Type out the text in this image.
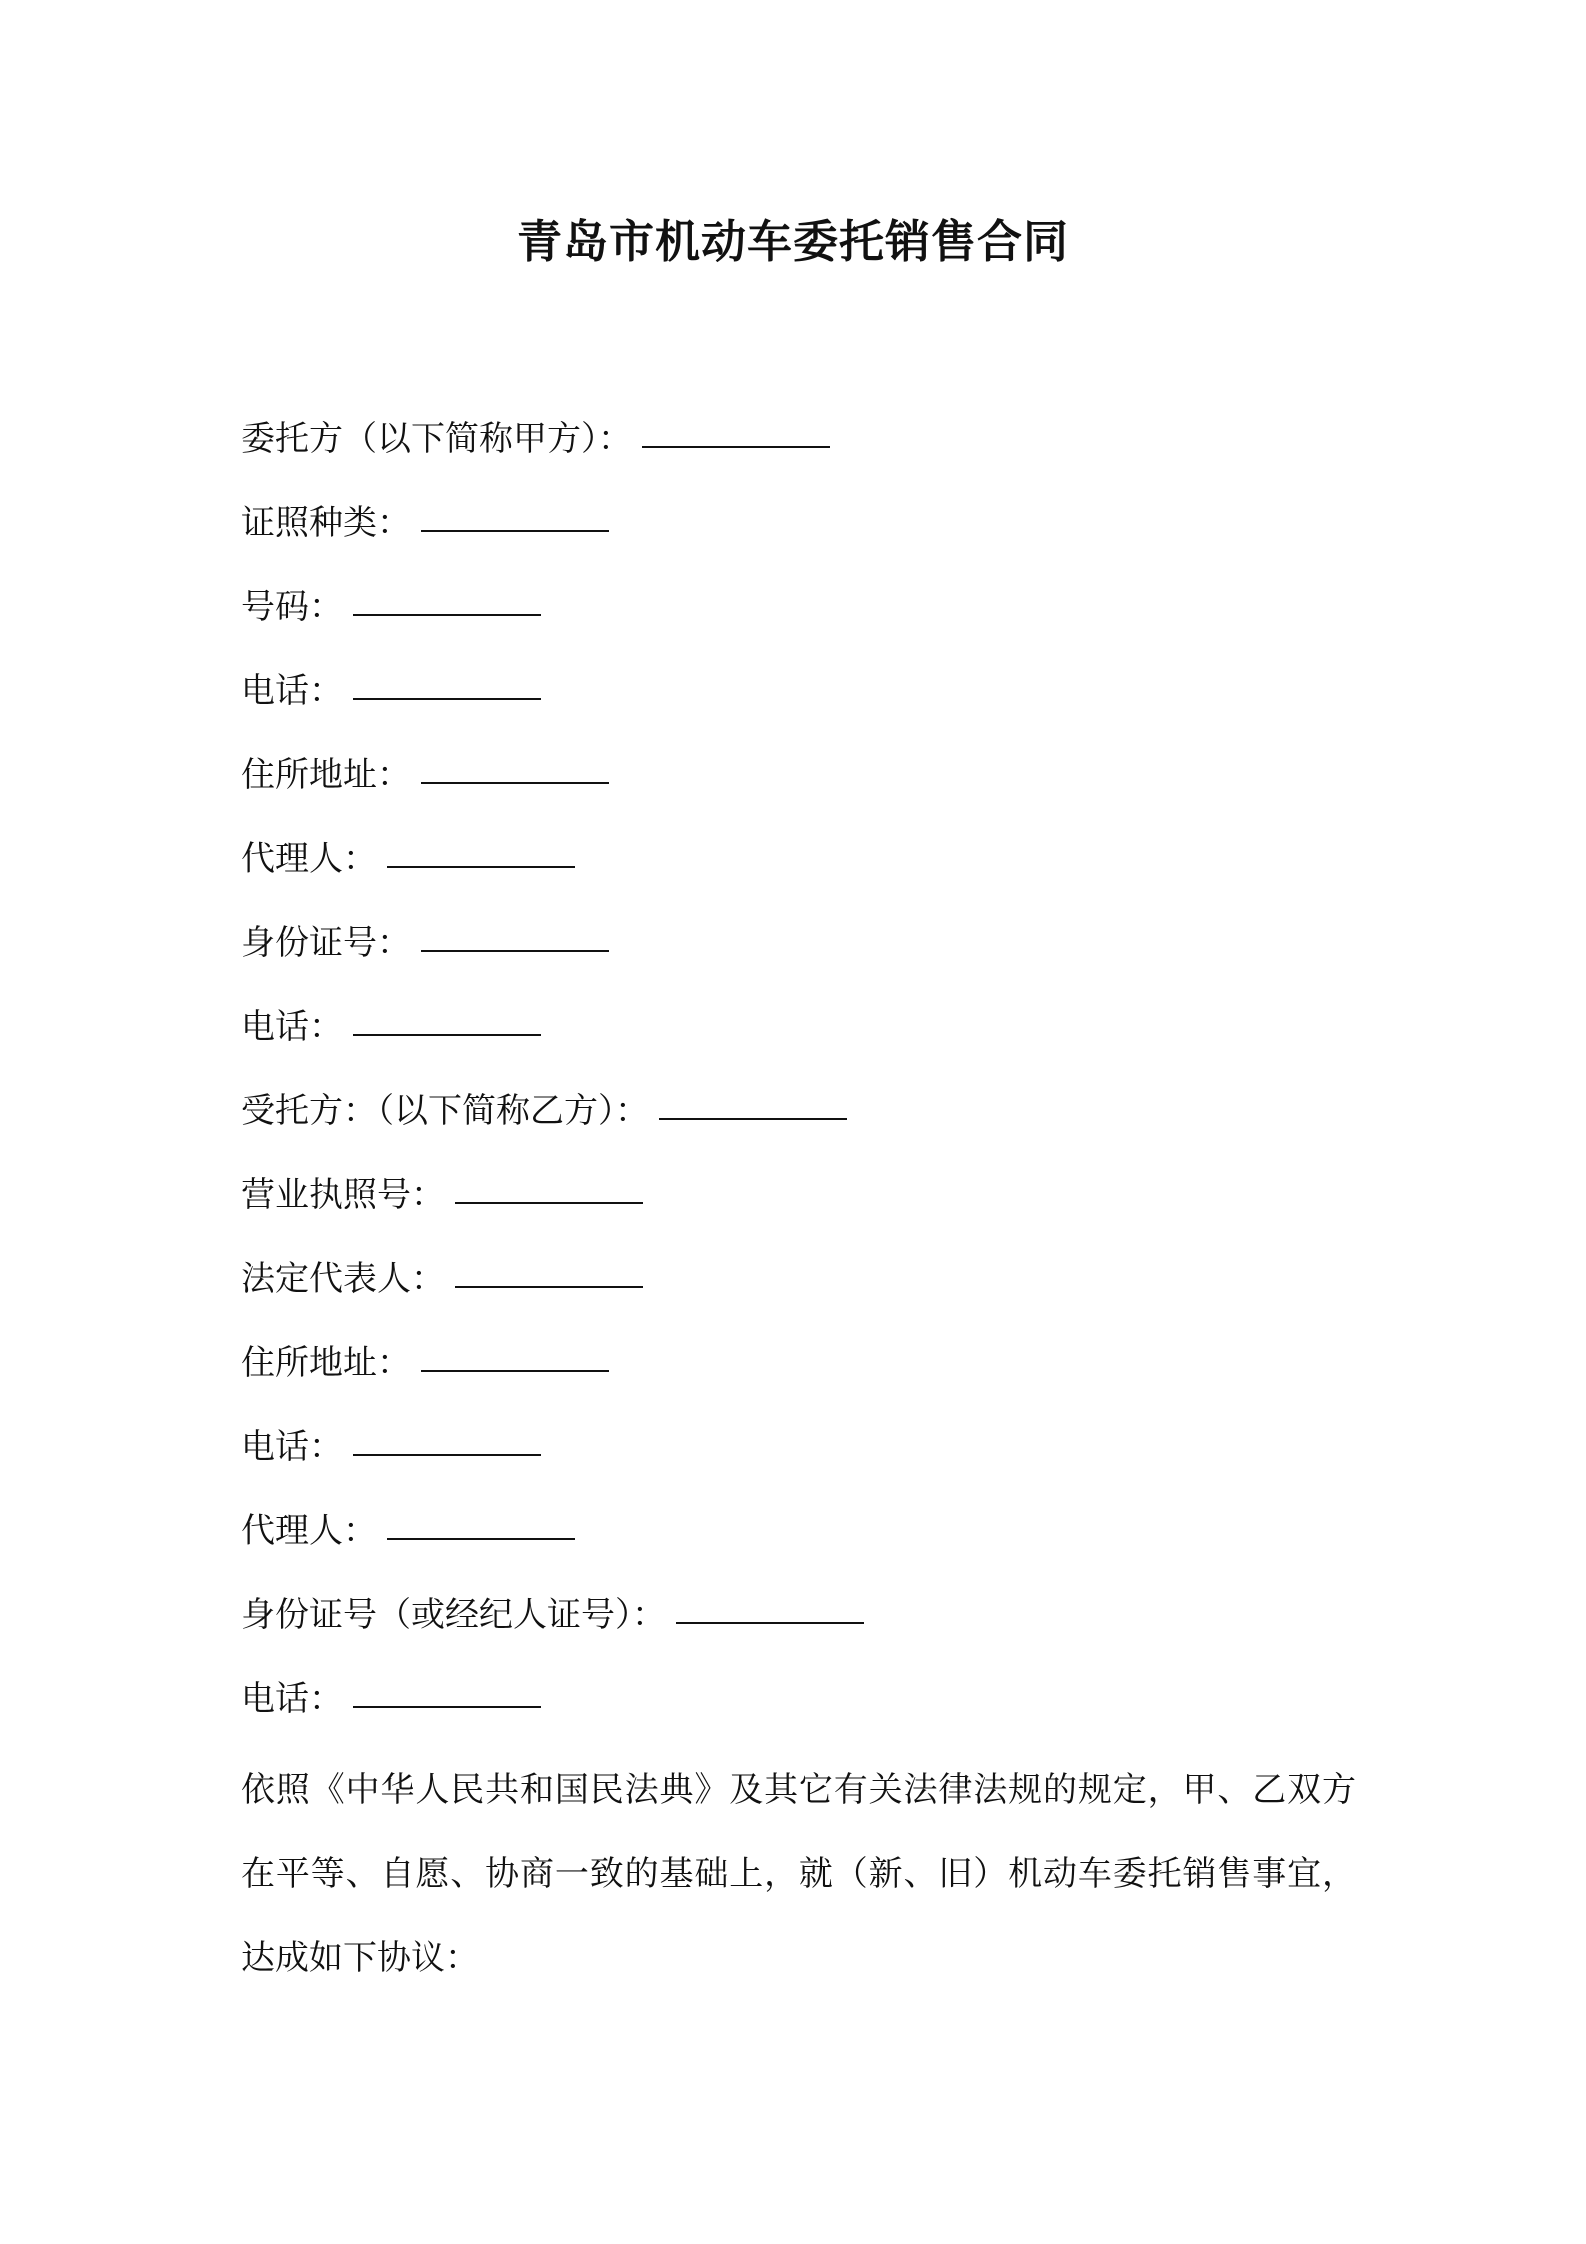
青岛市机动车委托销售合同
委托方（以下简称甲方）：
证照种类：
号码：
电话：
住所地址：
代理人：
身份证号：
电话：
受托方：（以下简称乙方）：
营业执照号：
法定代表人：
住所地址：
电话：
代理人：
身份证号（或经纪人证号）：
电话：
依照《中华人民共和国民法典》及其它有关法律法规的规定，甲、乙双方在平等、自愿、协商一致的基础上，就（新、旧）机动车委托销售事宜，达成如下协议：
